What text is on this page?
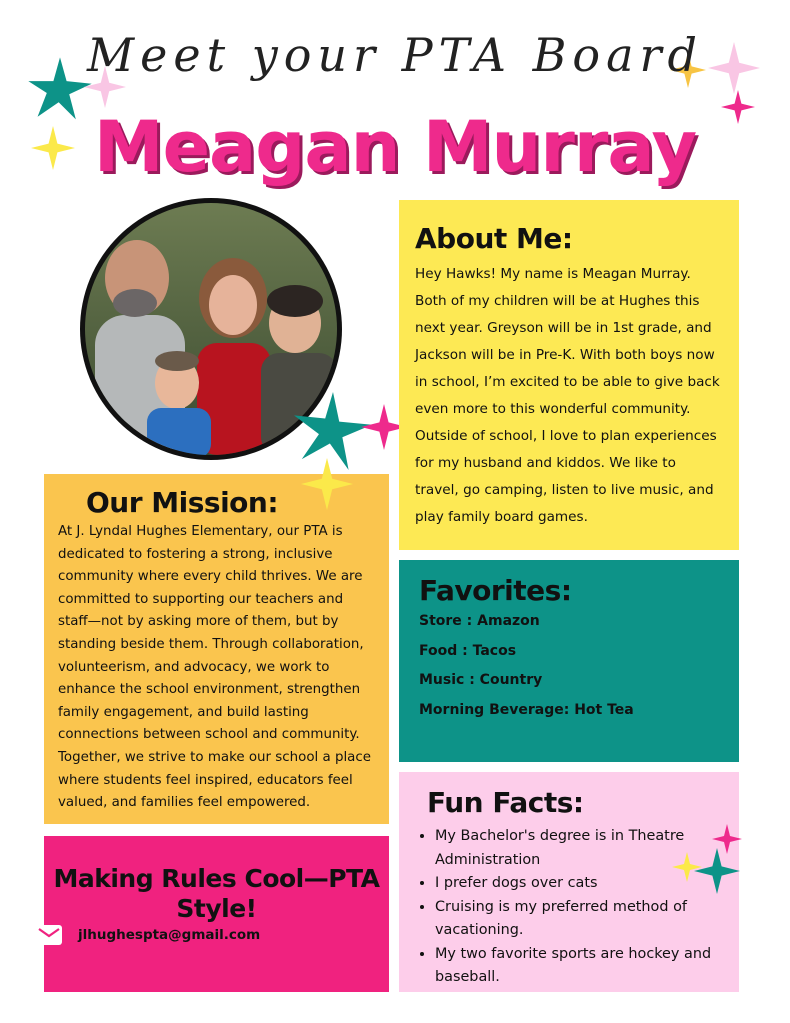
Meet your PTA Board
Meagan Murray
About Me:

Hey Hawks! My name is Meagan Murray. Both of my children will be at Hughes this next year. Greyson will be in 1st grade, and Jackson will be in Pre-K. With both boys now in school, I’m excited to be able to give back even more to this wonderful community. Outside of school, I love to plan experiences for my husband and kiddos. We like to travel, go camping, listen to live music, and play family board games.

Our Mission:

At J. Lyndal Hughes Elementary, our PTA is dedicated to fostering a strong, inclusive community where every child thrives. We are committed to supporting our teachers and staff—not by asking more of them, but by standing beside them. Through collaboration, volunteerism, and advocacy, we work to enhance the school environment, strengthen family engagement, and build lasting connections between school and community. Together, we strive to make our school a place where students feel inspired, educators feel valued, and families feel empowered.

Favorites:
Store : Amazon
Food : Tacos
Music : Country
Morning Beverage: Hot Tea
Fun Facts:
• My Bachelor's degree is in Theatre Administration
• I prefer dogs over cats
• Cruising is my preferred method of vacationing.
• My two favorite sports are hockey and baseball.
Making Rules Cool—PTA Style!
jlhughespta@gmail.com
